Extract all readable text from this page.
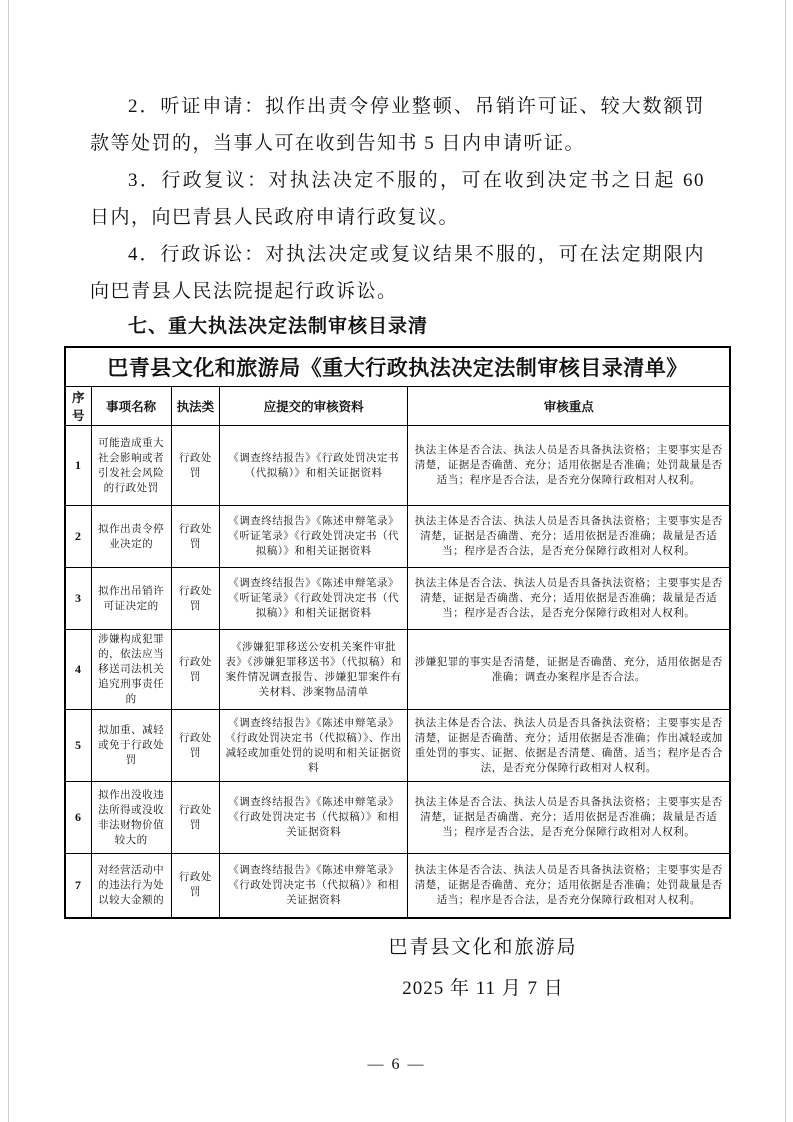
2．听证申请：拟作出责令停业整顿、吊销许可证、较大数额罚款等处罚的，当事人可在收到告知书 5 日内申请听证。

3．行政复议：对执法决定不服的，可在收到决定书之日起 60 日内，向巴青县人民政府申请行政复议。

4．行政诉讼：对执法决定或复议结果不服的，可在法定期限内向巴青县人民法院提起行政诉讼。

七、重大执法决定法制审核目录清
巴青县文化和旅游局《重大行政执法决定法制审核目录清单》				
序号	事项名称	执法类	应提交的审核资料	审核重点
1	可能造成重大社会影响或者引发社会风险的行政处罚	行政处罚	《调查终结报告》《行政处罚决定书（代拟稿）》和相关证据资料	执法主体是否合法、执法人员是否具备执法资格；主要事实是否清楚，证据是否确凿、充分；适用依据是否准确；处罚裁量是否适当；程序是否合法，是否充分保障行政相对人权利。
2	拟作出责令停业决定的	行政处罚	《调查终结报告》《陈述申辩笔录》《听证笔录》《行政处罚决定书（代拟稿）》和相关证据资料	执法主体是否合法、执法人员是否具备执法资格；主要事实是否清楚，证据是否确凿、充分；适用依据是否准确；裁量是否适当；程序是否合法，是否充分保障行政相对人权利。
3	拟作出吊销许可证决定的	行政处罚	《调查终结报告》《陈述申辩笔录》《听证笔录》《行政处罚决定书（代拟稿）》和相关证据资料	执法主体是否合法、执法人员是否具备执法资格；主要事实是否清楚，证据是否确凿、充分；适用依据是否准确；裁量是否适当；程序是否合法，是否充分保障行政相对人权利。
4	涉嫌构成犯罪的，依法应当移送司法机关追究刑事责任的	行政处罚	《涉嫌犯罪移送公安机关案件审批表》《涉嫌犯罪移送书》（代拟稿）和案件情况调查报告、涉嫌犯罪案件有关材料、涉案物品清单	涉嫌犯罪的事实是否清楚，证据是否确凿、充分，适用依据是否准确；调查办案程序是否合法。
5	拟加重、减轻或免于行政处罚	行政处罚	《调查终结报告》《陈述申辩笔录》《行政处罚决定书（代拟稿）》、作出减轻或加重处罚的说明和相关证据资料	执法主体是否合法、执法人员是否具备执法资格；主要事实是否清楚，证据是否确凿、充分；适用依据是否准确；作出减轻或加重处罚的事实、证据、依据是否清楚、确凿、适当；程序是否合法，是否充分保障行政相对人权利。
6	拟作出没收违法所得或没收非法财物价值较大的	行政处罚	《调查终结报告》《陈述申辩笔录》《行政处罚决定书（代拟稿）》和相关证据资料	执法主体是否合法、执法人员是否具备执法资格；主要事实是否清楚，证据是否确凿、充分；适用依据是否准确；裁量是否适当；程序是否合法，是否充分保障行政相对人权利。
7	对经营活动中的违法行为处以较大金额的	行政处罚	《调查终结报告》《陈述申辩笔录》《行政处罚决定书（代拟稿）》和相关证据资料	执法主体是否合法、执法人员是否具备执法资格；主要事实是否清楚，证据是否确凿、充分；适用依据是否准确；处罚裁量是否适当；程序是否合法，是否充分保障行政相对人权利。
巴青县文化和旅游局
2025 年 11 月 7 日
— 6 —
